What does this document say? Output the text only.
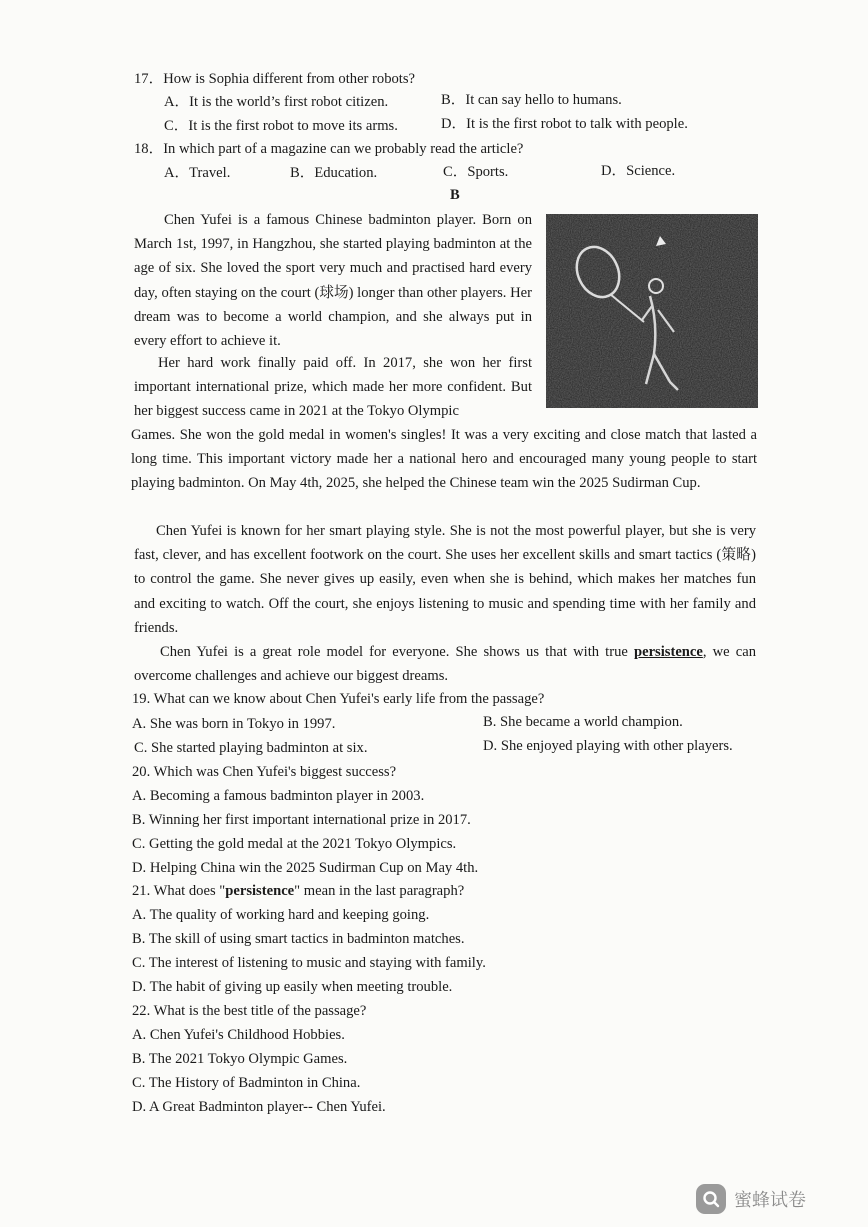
17．How is Sophia different from other robots?
A．It is the world’s first robot citizen.	B．It can say hello to humans.
C．It is the first robot to move its arms.	D．It is the first robot to talk with people.
18．In which part of a magazine can we probably read the article?
A．Travel.	B．Education.	C．Sports.	D．Science.
B
Chen Yufei is a famous Chinese badminton player. Born on March 1st, 1997, in Hangzhou, she started playing badminton at the age of six. She loved the sport very much and practised hard every day, often staying on the court (球场) longer than other players. Her dream was to become a world champion, and she always put in every effort to achieve it.
Her hard work finally paid off. In 2017, she won her first important international prize, which made her more confident. But her biggest success came in 2021 at the Tokyo Olympic
Games. She won the gold medal in women's singles! It was a very exciting and close match that lasted a long time. This important victory made her a national hero and encouraged many young people to start playing badminton. On May 4th, 2025, she helped the Chinese team win the 2025 Sudirman Cup.
Chen Yufei is known for her smart playing style. She is not the most powerful player, but she is very fast, clever, and has excellent footwork on the court. She uses her excellent skills and smart tactics (策略) to control the game. She never gives up easily, even when she is behind, which makes her matches fun and exciting to watch. Off the court, she enjoys listening to music and spending time with her family and friends.
Chen Yufei is a great role model for everyone. She shows us that with true persistence, we can overcome challenges and achieve our biggest dreams.
19. What can we know about Chen Yufei's early life from the passage?
A. She was born in Tokyo in 1997.	B. She became a world champion.
C. She started playing badminton at six.	D. She enjoyed playing with other players.
20. Which was Chen Yufei's biggest success?
A. Becoming a famous badminton player in 2003.
B. Winning her first important international prize in 2017.
C. Getting the gold medal at the 2021 Tokyo Olympics.
D. Helping China win the 2025 Sudirman Cup on May 4th.
21. What does "persistence" mean in the last paragraph?
A. The quality of working hard and keeping going.
B. The skill of using smart tactics in badminton matches.
C. The interest of listening to music and staying with family.
D. The habit of giving up easily when meeting trouble.
22. What is the best title of the passage?
A. Chen Yufei's Childhood Hobbies.
B. The 2021 Tokyo Olympic Games.
C. The History of Badminton in China.
D. A Great Badminton player-- Chen Yufei.
蜜蜂试卷
